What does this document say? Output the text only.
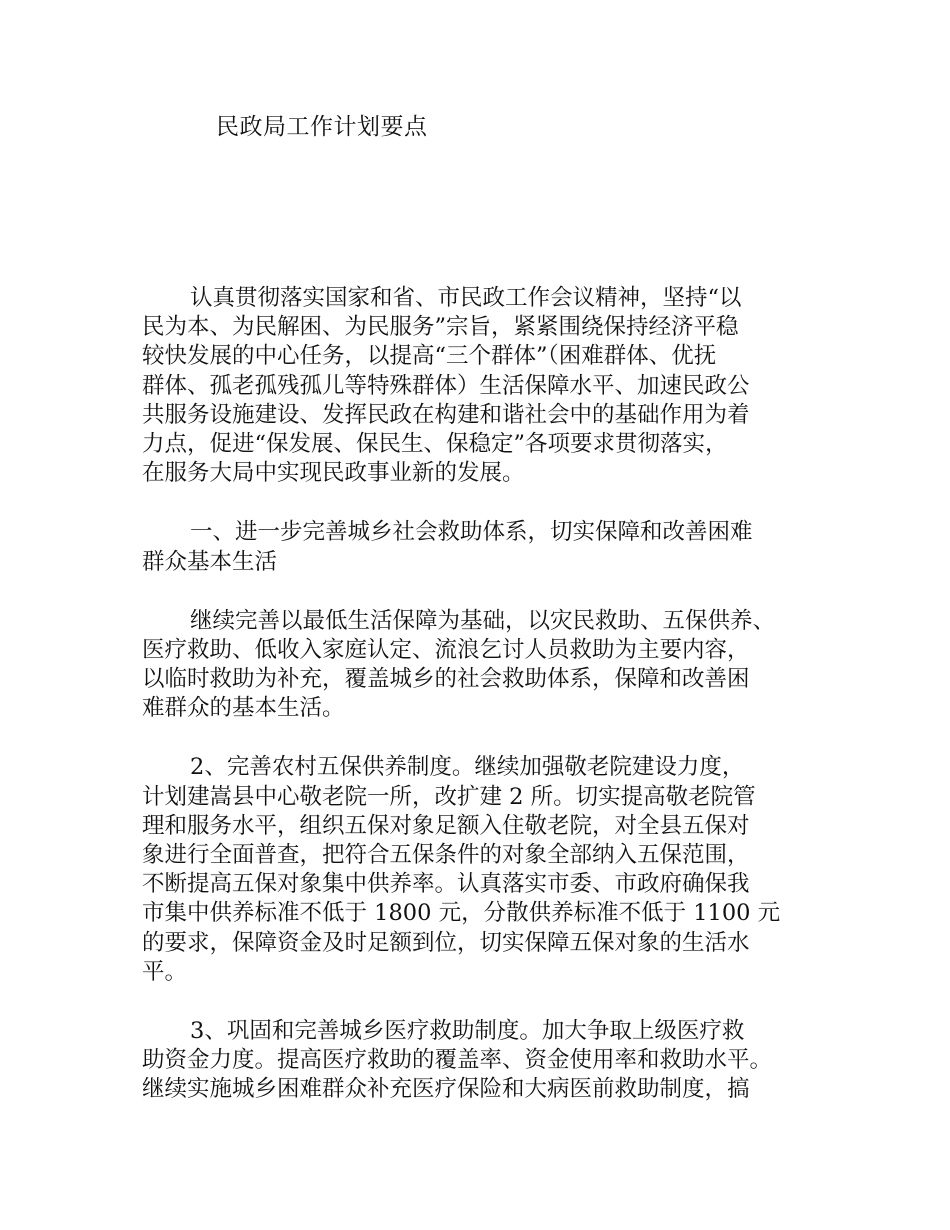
民政局工作计划要点
认真贯彻落实国家和省、市民政工作会议精神，坚持“以
民为本、为民解困、为民服务”宗旨，紧紧围绕保持经济平稳
较快发展的中心任务，以提高“三个群体”（困难群体、优抚
群体、孤老孤残孤儿等特殊群体）生活保障水平、加速民政公
共服务设施建设、发挥民政在构建和谐社会中的基础作用为着
力点，促进“保发展、保民生、保稳定”各项要求贯彻落实，
在服务大局中实现民政事业新的发展。
一、进一步完善城乡社会救助体系，切实保障和改善困难
群众基本生活
继续完善以最低生活保障为基础，以灾民救助、五保供养、
医疗救助、低收入家庭认定、流浪乞讨人员救助为主要内容，
以临时救助为补充，覆盖城乡的社会救助体系，保障和改善困
难群众的基本生活。
2、完善农村五保供养制度。继续加强敬老院建设力度，
计划建嵩县中心敬老院一所，改扩建 2 所。切实提高敬老院管
理和服务水平，组织五保对象足额入住敬老院，对全县五保对
象进行全面普查，把符合五保条件的对象全部纳入五保范围，
不断提高五保对象集中供养率。认真落实市委、市政府确保我
市集中供养标准不低于 1800 元，分散供养标准不低于 1100 元
的要求，保障资金及时足额到位，切实保障五保对象的生活水
平。
3、巩固和完善城乡医疗救助制度。加大争取上级医疗救
助资金力度。提高医疗救助的覆盖率、资金使用率和救助水平。
继续实施城乡困难群众补充医疗保险和大病医前救助制度，搞
